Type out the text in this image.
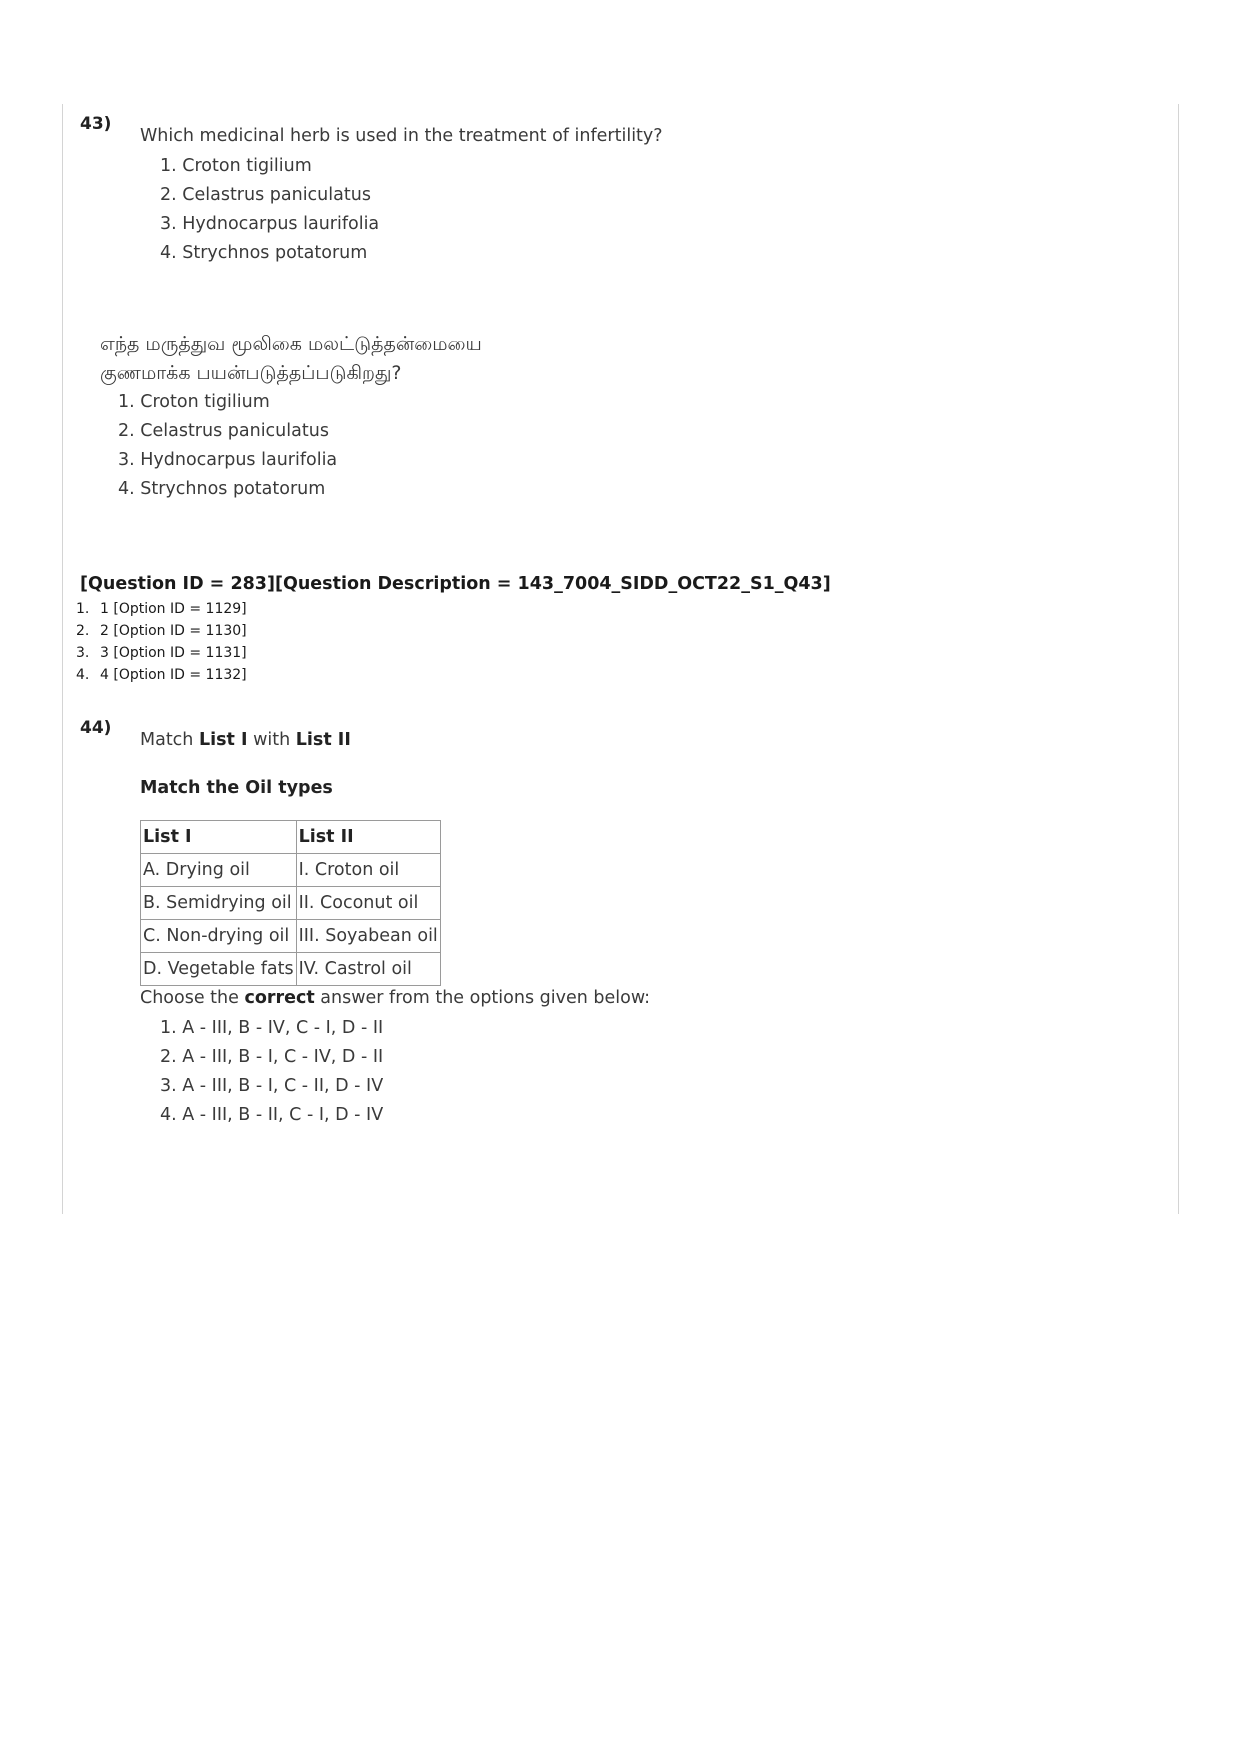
43)
Which medicinal herb is used in the treatment of infertility?
1. Croton tigilium
2. Celastrus paniculatus
3. Hydnocarpus laurifolia
4. Strychnos potatorum
எந்த மருத்துவ மூலிகை மலட்டுத்தன்மையை
குணமாக்க பயன்படுத்தப்படுகிறது?
1. Croton tigilium
2. Celastrus paniculatus
3. Hydnocarpus laurifolia
4. Strychnos potatorum
[Question ID = 283][Question Description = 143_7004_SIDD_OCT22_S1_Q43]
1. 1 [Option ID = 1129]
2. 2 [Option ID = 1130]
3. 3 [Option ID = 1131]
4. 4 [Option ID = 1132]
44)
Match List I with List II
Match the Oil types
List I	List II
A. Drying oil	I. Croton oil
B. Semidrying oil	II. Coconut oil
C. Non-drying oil	III. Soyabean oil
D. Vegetable fats	IV. Castrol oil
Choose the correct answer from the options given below:
1. A - III, B - IV, C - I, D - II
2. A - III, B - I, C - IV, D - II
3. A - III, B - I, C - II, D - IV
4. A - III, B - II, C - I, D - IV
